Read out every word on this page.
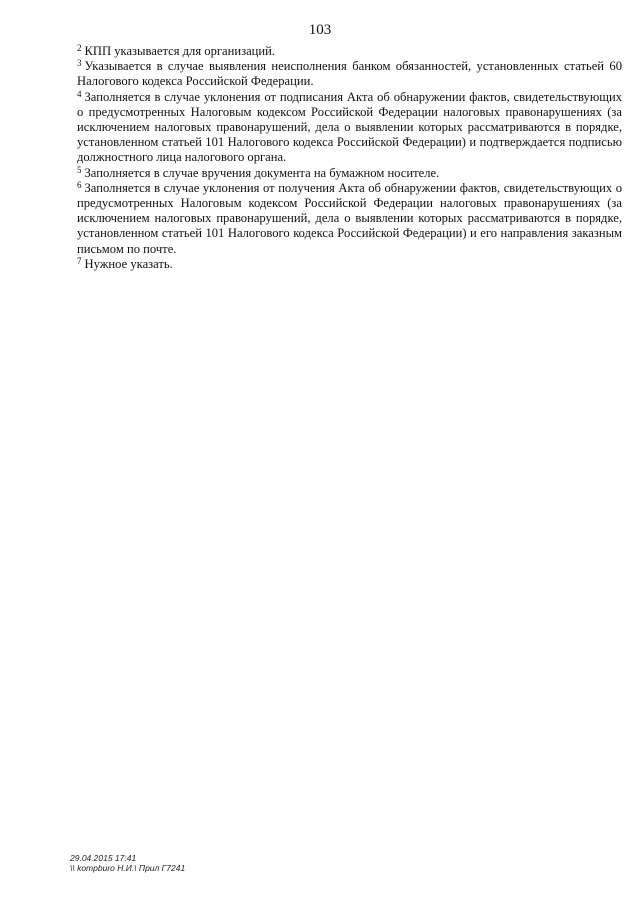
103

$^2$ КПП указывается для организаций.

$^3$ Указывается в случае выявления неисполнения банком обязанностей, установленных статьей 60 Налогового кодекса Российской Федерации.

$^4$ Заполняется в случае уклонения от подписания Акта об обнаружении фактов, свидетельствующих о предусмотренных Налоговым кодексом Российской Федерации налоговых правонарушениях (за исключением налоговых правонарушений, дела о выявлении которых рассматриваются в порядке, установленном статьей 101 Налогового кодекса Российской Федерации) и подтверждается подписью должностного лица налогового органа.

$^5$ Заполняется в случае вручения документа на бумажном носителе.

$^6$ Заполняется в случае уклонения от получения Акта об обнаружении фактов, свидетельствующих о предусмотренных Налоговым кодексом Российской Федерации налоговых правонарушениях (за исключением налоговых правонарушений, дела о выявлении которых рассматриваются в порядке, установленном статьей 101 Налогового кодекса Российской Федерации) и его направления заказным письмом по почте.

$^7$ Нужное указать.

29.04.2015 17:41
\\ kompburo Н.И.\ Прил Г7241
